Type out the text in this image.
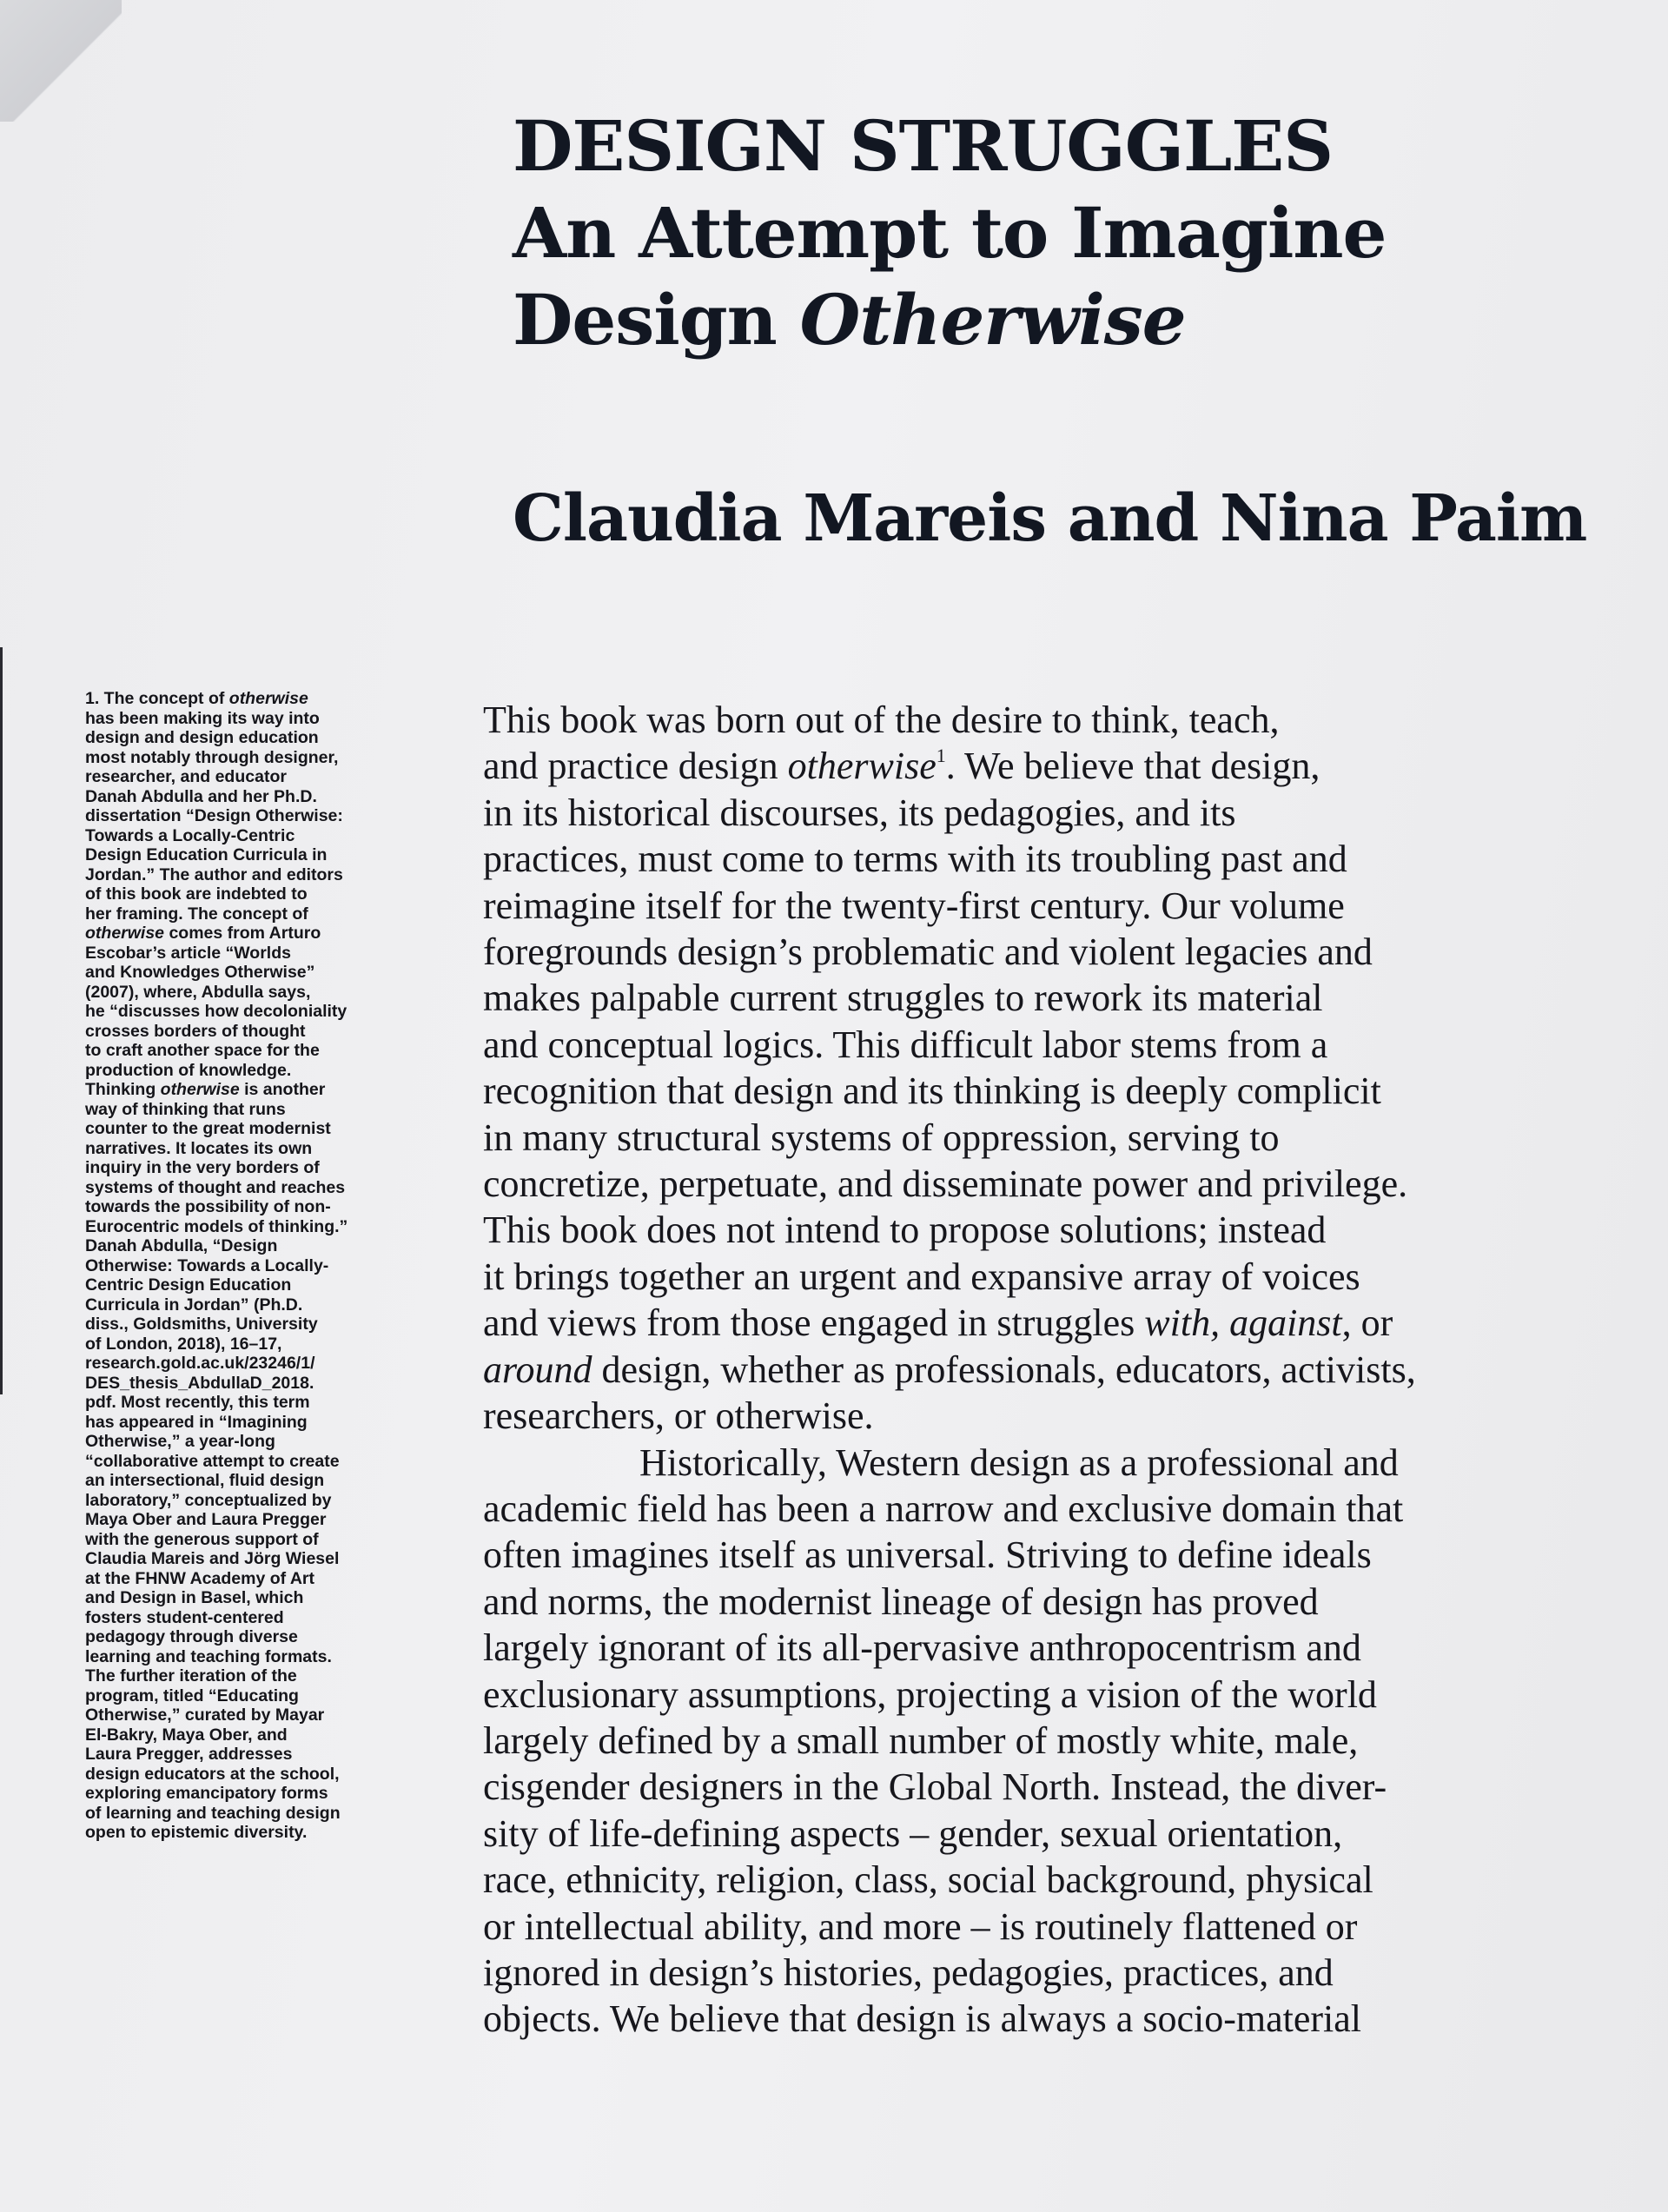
DESIGN STRUGGLES
An Attempt to Imagine
Design Otherwise
Claudia Mareis and Nina Paim
1. The concept of otherwise
has been making its way into
design and design education
most notably through designer,
researcher, and educator
Danah Abdulla and her Ph.D.
dissertation “Design Otherwise:
Towards a Locally-Centric
Design Education Curricula in
Jordan.” The author and editors
of this book are indebted to
her framing. The concept of
otherwise comes from Arturo
Escobar’s article “Worlds
and Knowledges Otherwise”
(2007), where, Abdulla says,
he “discusses how decoloniality
crosses borders of thought
to craft another space for the
production of knowledge.
Thinking otherwise is another
way of thinking that runs
counter to the great modernist
narratives. It locates its own
inquiry in the very borders of
systems of thought and reaches
towards the possibility of non-
Eurocentric models of thinking.”
Danah Abdulla, “Design
Otherwise: Towards a Locally-
Centric Design Education
Curricula in Jordan” (Ph.D.
diss., Goldsmiths, University
of London, 2018), 16–17,
research.gold.ac.uk/23246/1/
DES_thesis_AbdullaD_2018.
pdf. Most recently, this term
has appeared in “Imagining
Otherwise,” a year-long
“collaborative attempt to create
an intersectional, fluid design
laboratory,” conceptualized by
Maya Ober and Laura Pregger
with the generous support of
Claudia Mareis and Jörg Wiesel
at the FHNW Academy of Art
and Design in Basel, which
fosters student-centered
pedagogy through diverse
learning and teaching formats.
The further iteration of the
program, titled “Educating
Otherwise,” curated by Mayar
El-Bakry, Maya Ober, and
Laura Pregger, addresses
design educators at the school,
exploring emancipatory forms
of learning and teaching design
open to epistemic diversity.
This book was born out of the desire to think, teach,
and practice design otherwise$^1$. We believe that design,
in its historical discourses, its pedagogies, and its
practices, must come to terms with its troubling past and
reimagine itself for the twenty-first century. Our volume
foregrounds design’s problematic and violent legacies and
makes palpable current struggles to rework its material
and conceptual logics. This difficult labor stems from a
recognition that design and its thinking is deeply complicit
in many structural systems of oppression, serving to
concretize, perpetuate, and disseminate power and privilege.
This book does not intend to propose solutions; instead
it brings together an urgent and expansive array of voices
and views from those engaged in struggles with, against, or
around design, whether as professionals, educators, activists,
researchers, or otherwise.
Historically, Western design as a professional and
academic field has been a narrow and exclusive domain that
often imagines itself as universal. Striving to define ideals
and norms, the modernist lineage of design has proved
largely ignorant of its all-pervasive anthropocentrism and
exclusionary assumptions, projecting a vision of the world
largely defined by a small number of mostly white, male,
cisgender designers in the Global North. Instead, the diver-
sity of life-defining aspects – gender, sexual orientation,
race, ethnicity, religion, class, social background, physical
or intellectual ability, and more – is routinely flattened or
ignored in design’s histories, pedagogies, practices, and
objects. We believe that design is always a socio-material
